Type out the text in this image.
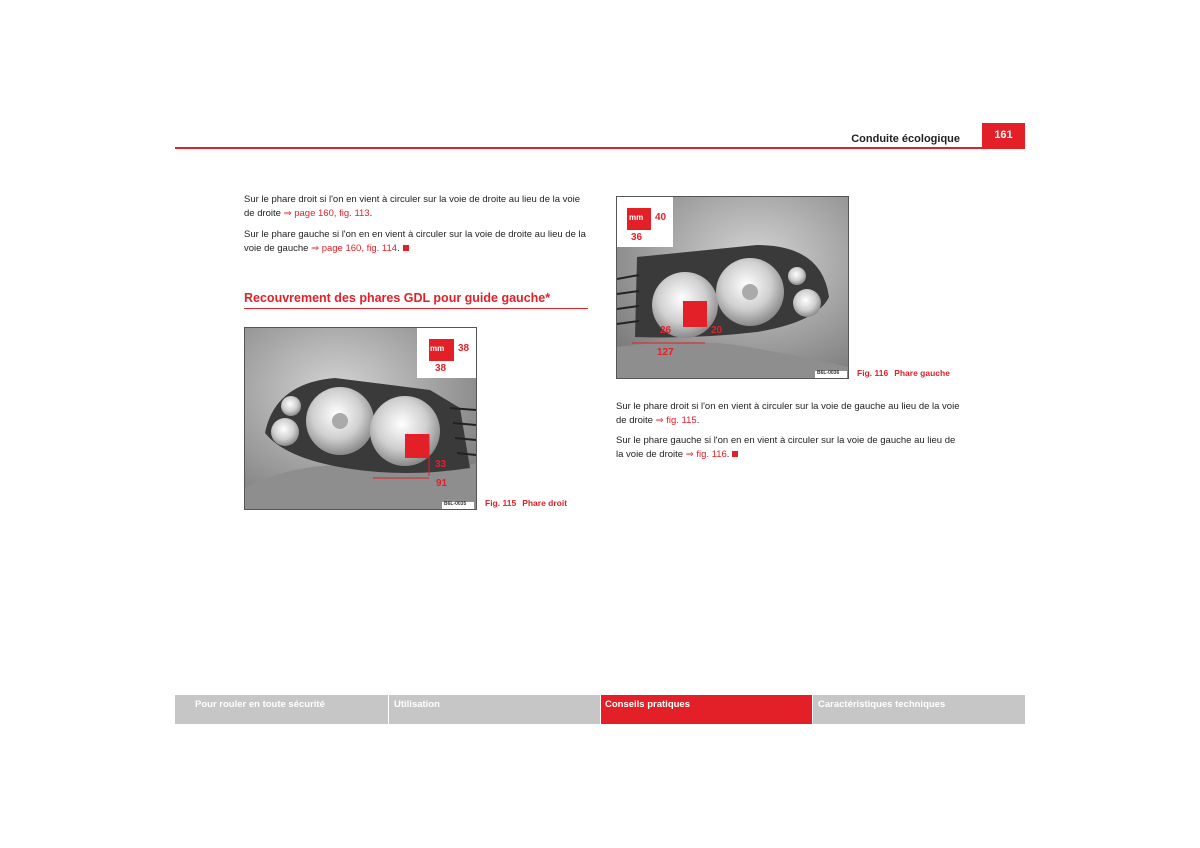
Conduite écologique	161
Sur le phare droit si l'on en vient à circuler sur la voie de droite au lieu de la voie de droite ⇒ page 160, fig. 113.
Sur le phare gauche si l'on en en vient à circuler sur la voie de droite au lieu de la voie de gauche ⇒ page 160, fig. 114.
Recouvrement des phares GDL pour guide gauche*
mm 38
38
33
91
B6L-0035 Fig. 115 Phare droit
mm 40
36
26	20
127
B6L-0036 Fig. 116 Phare gauche
Sur le phare droit si l'on en vient à circuler sur la voie de gauche au lieu de la voie de droite ⇒ fig. 115.
Sur le phare gauche si l'on en en vient à circuler sur la voie de gauche au lieu de la voie de droite ⇒ fig. 116.
Pour rouler en toute sécurité	Utilisation	Conseils pratiques	Caractéristiques techniques
